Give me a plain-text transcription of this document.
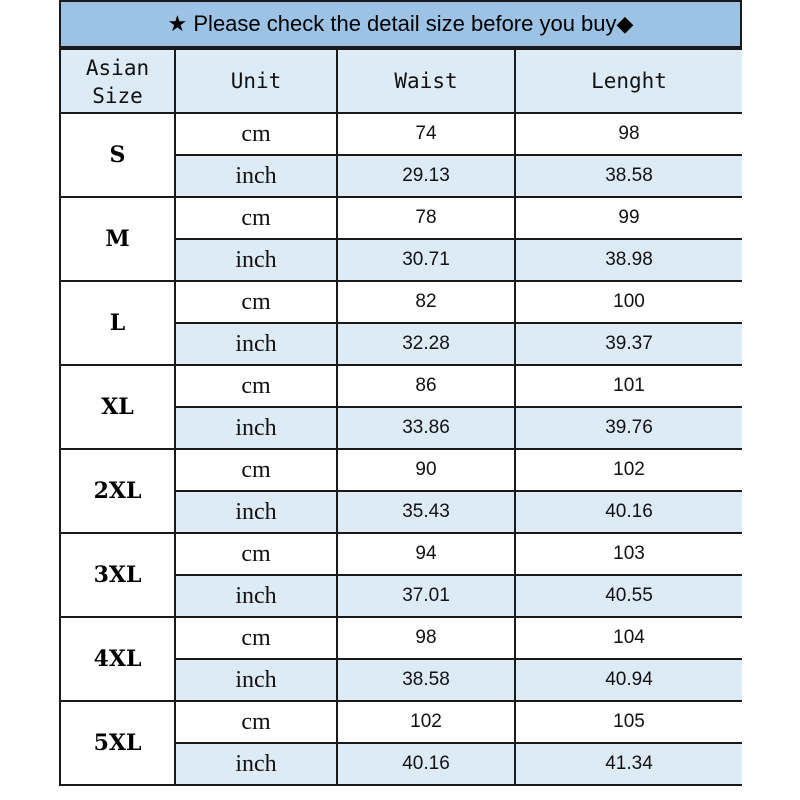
★ Please check the detail size before you buy◆
Asian Size	Unit	Waist	Lenght
S	cm	74	98
	inch	29.13	38.58
M	cm	78	99
	inch	30.71	38.98
L	cm	82	100
	inch	32.28	39.37
XL	cm	86	101
	inch	33.86	39.76
2XL	cm	90	102
	inch	35.43	40.16
3XL	cm	94	103
	inch	37.01	40.55
4XL	cm	98	104
	inch	38.58	40.94
5XL	cm	102	105
	inch	40.16	41.34
